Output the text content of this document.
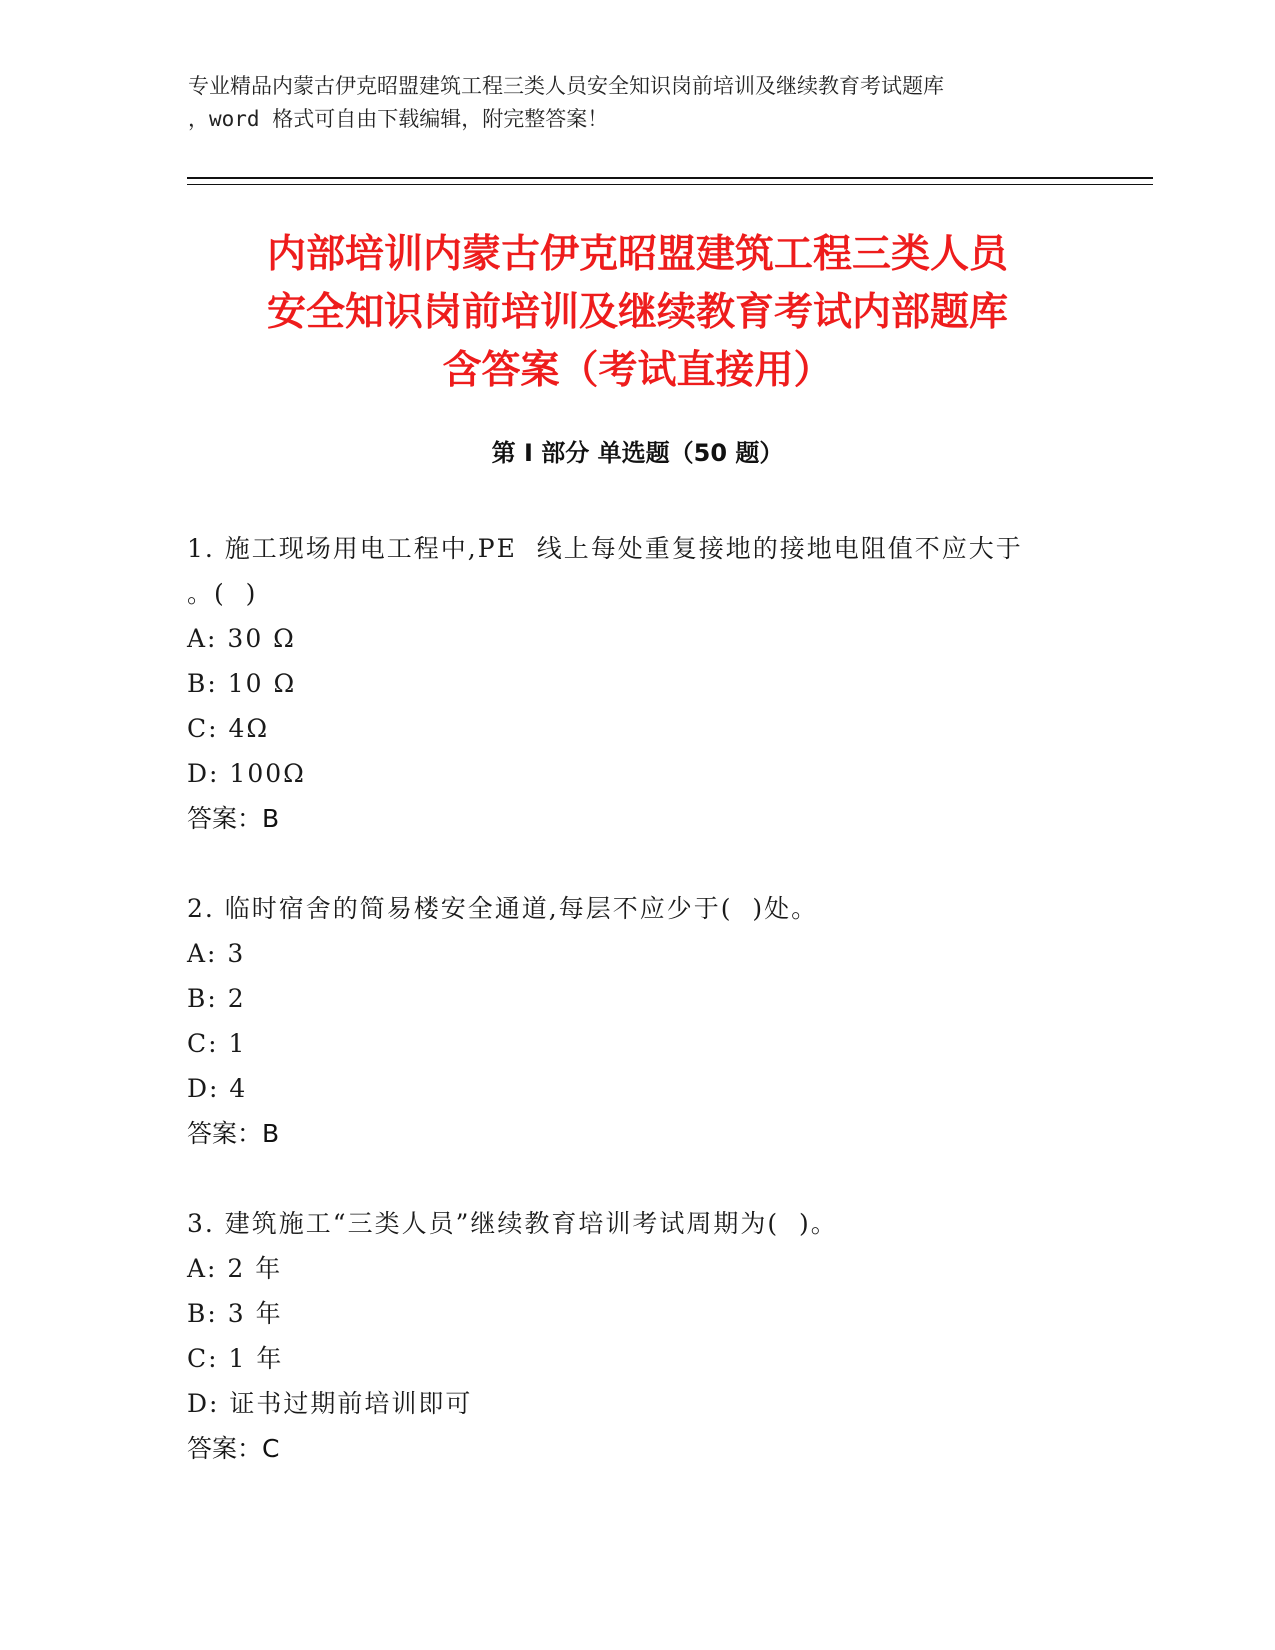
专业精品内蒙古伊克昭盟建筑工程三类人员安全知识岗前培训及继续教育考试题库
，word 格式可自由下载编辑，附完整答案！
内部培训内蒙古伊克昭盟建筑工程三类人员
安全知识岗前培训及继续教育考试内部题库
含答案（考试直接用）
第 I 部分 单选题（50 题）

1. 施工现场用电工程中,PE  线上每处重复接地的接地电阻值不应大于      。(  )

A: 30 Ω

B: 10 Ω

C: 4Ω

D: 100Ω

答案：B

2. 临时宿舍的简易楼安全通道,每层不应少于(  )处。

A: 3

B: 2

C: 1

D: 4

答案：B

3. 建筑施工“三类人员”继续教育培训考试周期为(  )。

A: 2 年

B: 3 年

C: 1 年

D: 证书过期前培训即可

答案：C
